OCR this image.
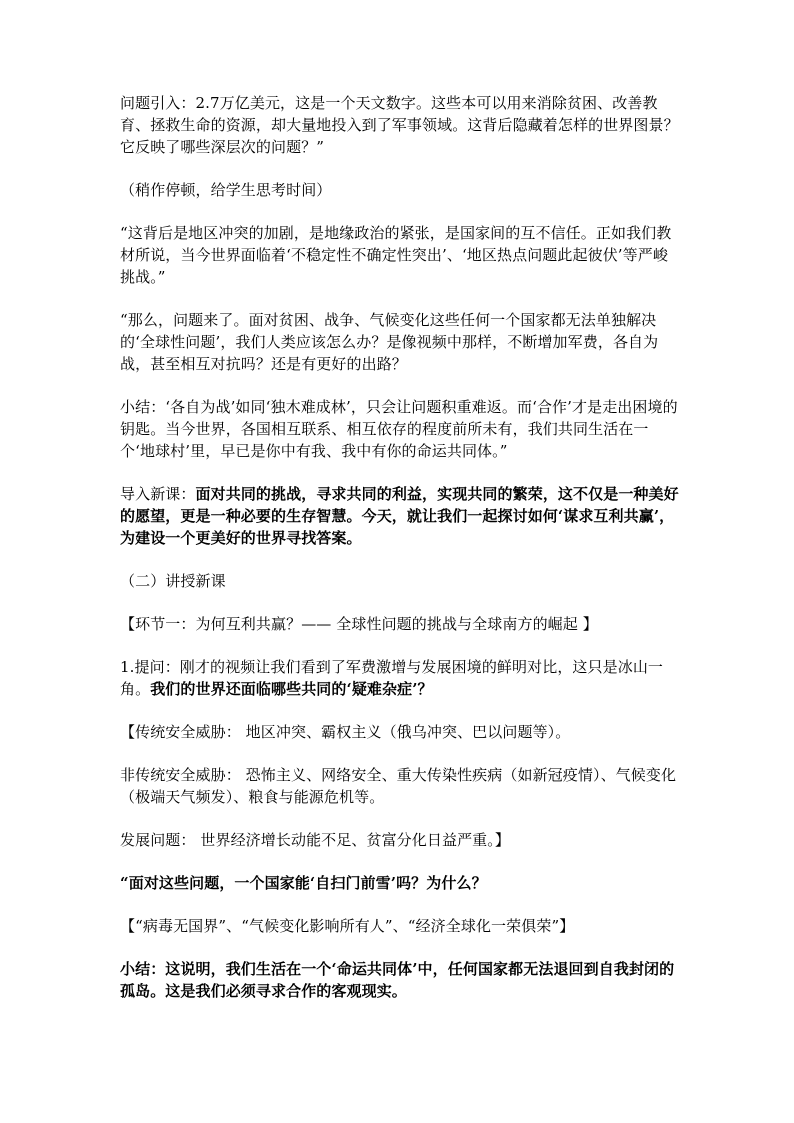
问题引入：2.7万亿美元，这是一个天文数字。这些本可以用来消除贫困、改善教育、拯救生命的资源，却大量地投入到了军事领域。这背后隐藏着怎样的世界图景？它反映了哪些深层次的问题？”

（稍作停顿，给学生思考时间）

“这背后是地区冲突的加剧，是地缘政治的紧张，是国家间的互不信任。正如我们教材所说，当今世界面临着‘不稳定性不确定性突出’、‘地区热点问题此起彼伏’等严峻挑战。”

“那么，问题来了。面对贫困、战争、气候变化这些任何一个国家都无法单独解决的‘全球性问题’，我们人类应该怎么办？是像视频中那样，不断增加军费，各自为战，甚至相互对抗吗？还是有更好的出路？

小结：‘各自为战’如同‘独木难成林’，只会让问题积重难返。而‘合作’才是走出困境的钥匙。当今世界，各国相互联系、相互依存的程度前所未有，我们共同生活在一个‘地球村’里，早已是你中有我、我中有你的命运共同体。”

导入新课：面对共同的挑战，寻求共同的利益，实现共同的繁荣，这不仅是一种美好的愿望，更是一种必要的生存智慧。今天，就让我们一起探讨如何‘谋求互利共赢’，为建设一个更美好的世界寻找答案。

（二）讲授新课

【环节一：为何互利共赢？—— 全球性问题的挑战与全球南方的崛起 】

1.提问：刚才的视频让我们看到了军费激增与发展困境的鲜明对比，这只是冰山一角。我们的世界还面临哪些共同的‘疑难杂症’？

【传统安全威胁： 地区冲突、霸权主义（俄乌冲突、巴以问题等）。

非传统安全威胁： 恐怖主义、网络安全、重大传染性疾病（如新冠疫情）、气候变化（极端天气频发）、粮食与能源危机等。

发展问题： 世界经济增长动能不足、贫富分化日益严重。】

“面对这些问题，一个国家能‘自扫门前雪’吗？为什么？

【“病毒无国界”、“气候变化影响所有人”、“经济全球化一荣俱荣”】

小结：这说明，我们生活在一个‘命运共同体’中，任何国家都无法退回到自我封闭的孤岛。这是我们必须寻求合作的客观现实。
